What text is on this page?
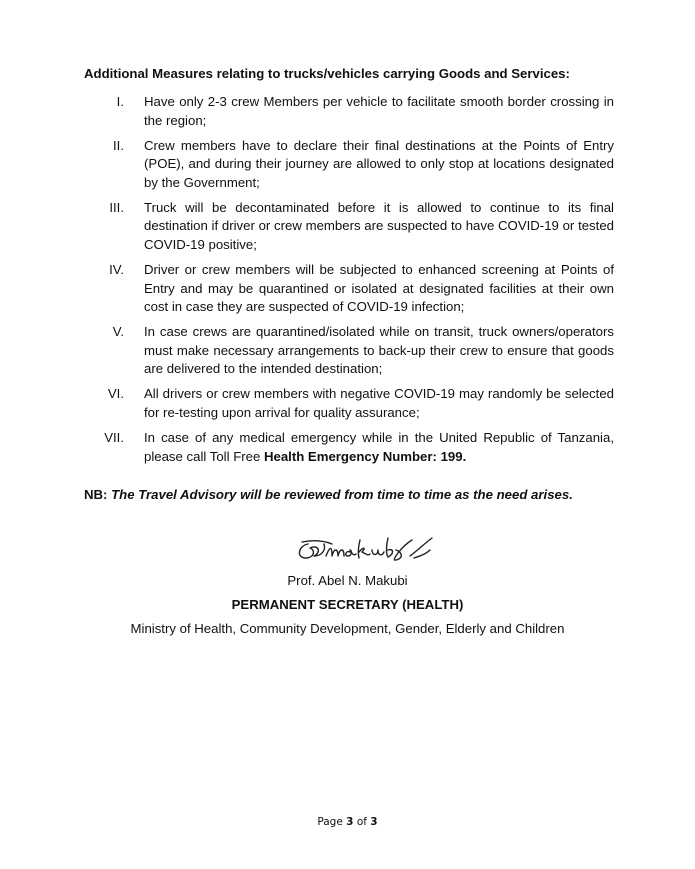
Additional Measures relating to trucks/vehicles carrying Goods and Services:
I. Have only 2-3 crew Members per vehicle to facilitate smooth border crossing in the region;
II. Crew members have to declare their final destinations at the Points of Entry (POE), and during their journey are allowed to only stop at locations designated by the Government;
III. Truck will be decontaminated before it is allowed to continue to its final destination if driver or crew members are suspected to have COVID-19 or tested COVID-19 positive;
IV. Driver or crew members will be subjected to enhanced screening at Points of Entry and may be quarantined or isolated at designated facilities at their own cost in case they are suspected of COVID-19 infection;
V. In case crews are quarantined/isolated while on transit, truck owners/operators must make necessary arrangements to back-up their crew to ensure that goods are delivered to the intended destination;
VI. All drivers or crew members with negative COVID-19 may randomly be selected for re-testing upon arrival for quality assurance;
VII. In case of any medical emergency while in the United Republic of Tanzania, please call Toll Free Health Emergency Number: 199.
NB: The Travel Advisory will be reviewed from time to time as the need arises.
Prof. Abel N. Makubi
PERMANENT SECRETARY (HEALTH)
Ministry of Health, Community Development, Gender, Elderly and Children
Page 3 of 3
